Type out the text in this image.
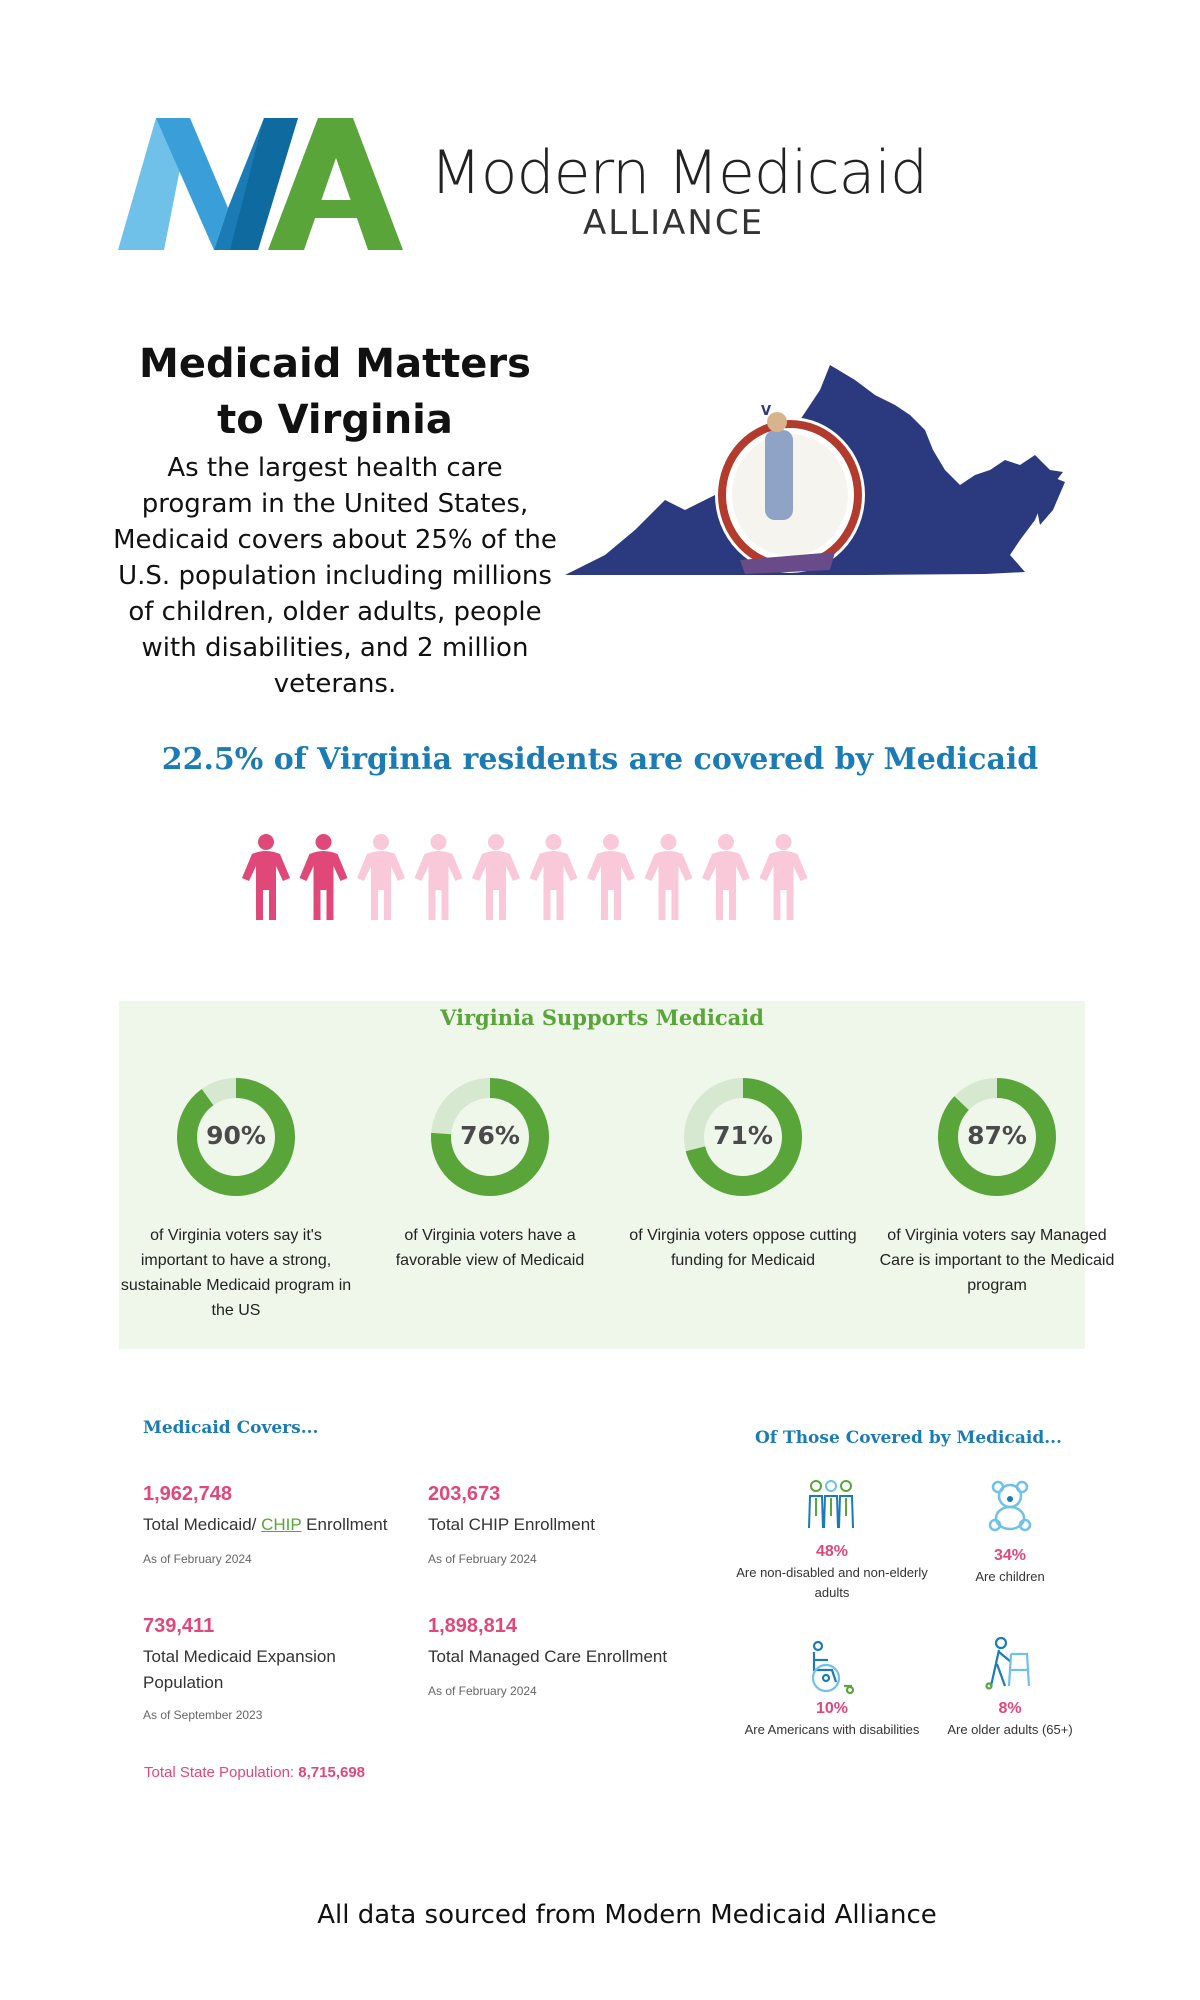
Modern Medicaid
ALLIANCE
Medicaid Matters to Virginia
As the largest health care program in the United States, Medicaid covers about 25% of the U.S. population including millions of children, older adults, people with disabilities, and 2 million veterans.
V
22.5% of Virginia residents are covered by Medicaid
Virginia Supports Medicaid
90%
of Virginia voters say it's important to have a strong, sustainable Medicaid program in the US
76%
of Virginia voters have a favorable view of Medicaid
71%
of Virginia voters oppose cutting funding for Medicaid
87%
of Virginia voters say Managed Care is important to the Medicaid program
Medicaid Covers...
1,962,748
Total Medicaid/ CHIP Enrollment
As of February 2024
203,673
Total CHIP Enrollment
As of February 2024
739,411
Total Medicaid Expansion Population
As of September 2023
1,898,814
Total Managed Care Enrollment
As of February 2024
Total State Population: 8,715,698
Of Those Covered by Medicaid...
48%
Are non-disabled and non-elderly adults
34%
Are children
10%
Are Americans with disabilities
8%
Are older adults (65+)
All data sourced from Modern Medicaid Alliance
